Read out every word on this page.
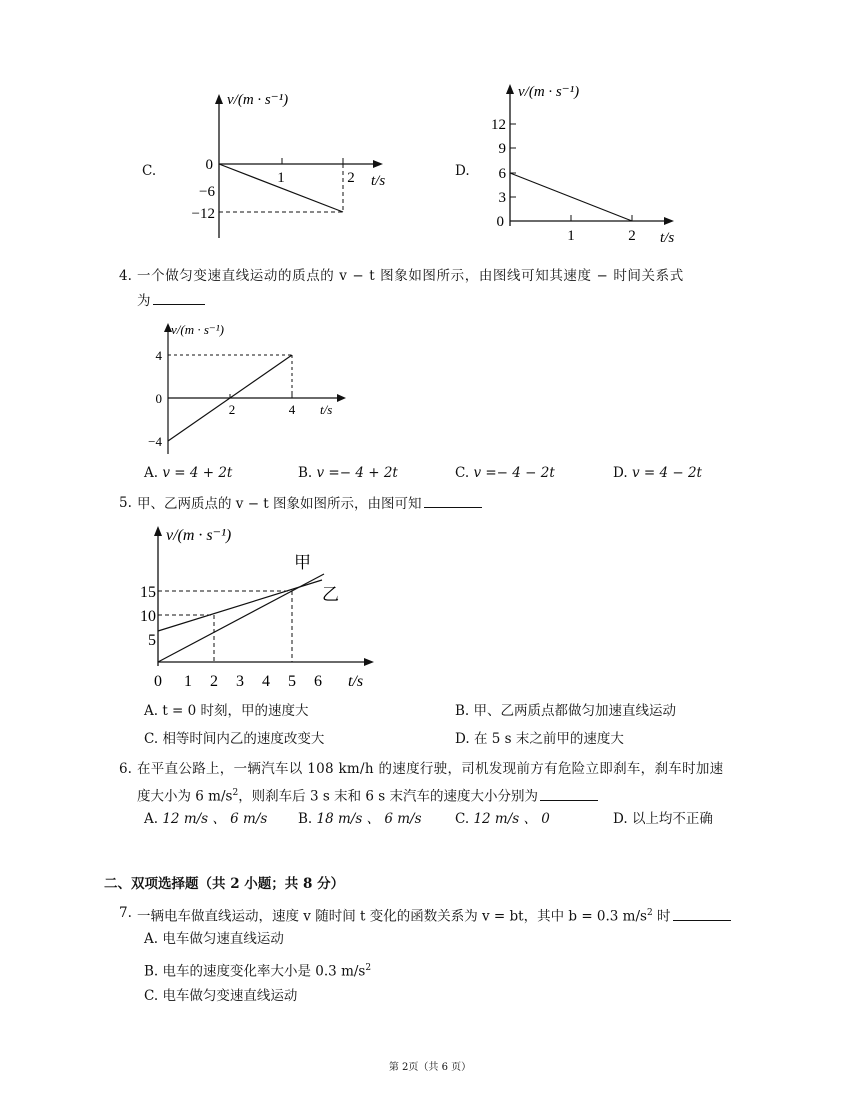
C.
v/(m · s⁻¹)
t/s
0
−6
−12
1	2	D.
v/(m · s⁻¹)
t/s
12
9
6
3
0
1	2
4. 一个做匀变速直线运动的质点的 v − t 图象如图所示，由图线可知其速度 − 时间关系式
为
v/(m · s⁻¹)
t/s
4
0
−4
2	4
A. v = 4 + 2t	B. v =− 4 + 2t	C. v =− 4 − 2t	D. v = 4 − 2t
5. 甲、乙两质点的 v − t 图象如图所示，由图可知
甲
乙
v/(m · s⁻¹)
t/s
15
10
5
0 1 2 3 4 5 6
A. t = 0 时刻，甲的速度大	B. 甲、乙两质点都做匀加速直线运动
C. 相等时间内乙的速度改变大	D. 在 5 s 末之前甲的速度大
6. 在平直公路上，一辆汽车以 108 km/h 的速度行驶，司机发现前方有危险立即刹车，刹车时加速
度大小为 6 $m/s^2$，则刹车后 3 s 末和 6 s 末汽车的速度大小分别为
A. 12 m/s 、 6 m/s B. 18 m/s 、 6 m/s C. 12 m/s 、 0	D. 以上均不正确
二、双项选择题（共 2 小题；共 8 分）
7. 一辆电车做直线运动，速度 v 随时间 t 变化的函数关系为 v = bt，其中 b = 0.3 $m/s^2$ 时
A. 电车做匀速直线运动
B. 电车的速度变化率大小是 0.3 $m/s^2$
C. 电车做匀变速直线运动
第 2页（共 6 页）
